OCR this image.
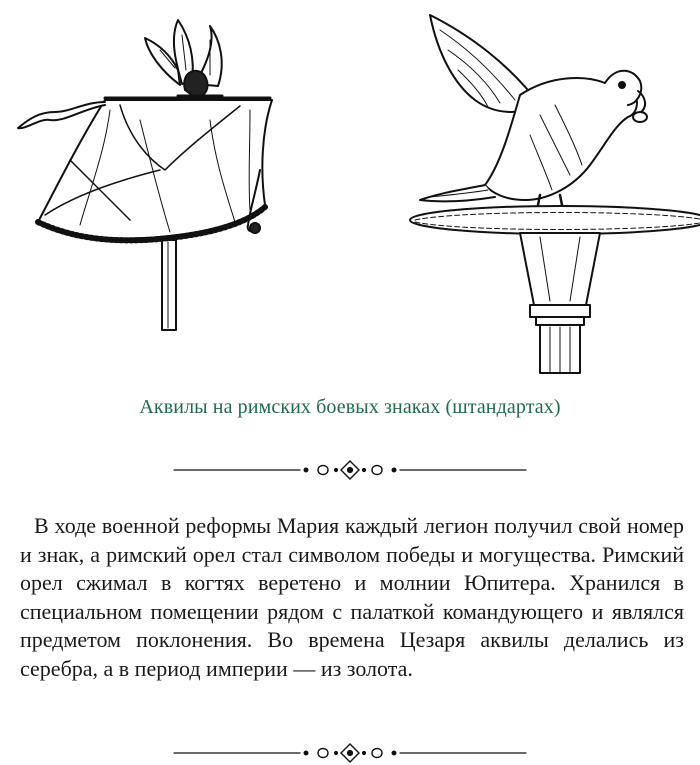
Аквилы на римских боевых знаках (штандартах)
В ходе военной реформы Мария каждый легион получил свой номер и знак, а римский орел стал символом победы и могущества. Римский орел сжимал в когтях веретено и молнии Юпитера. Хранился в специальном помещении рядом с палаткой командующего и являлся предметом поклонения. Во времена Цезаря аквилы делались из серебра, а в период империи — из золота.
